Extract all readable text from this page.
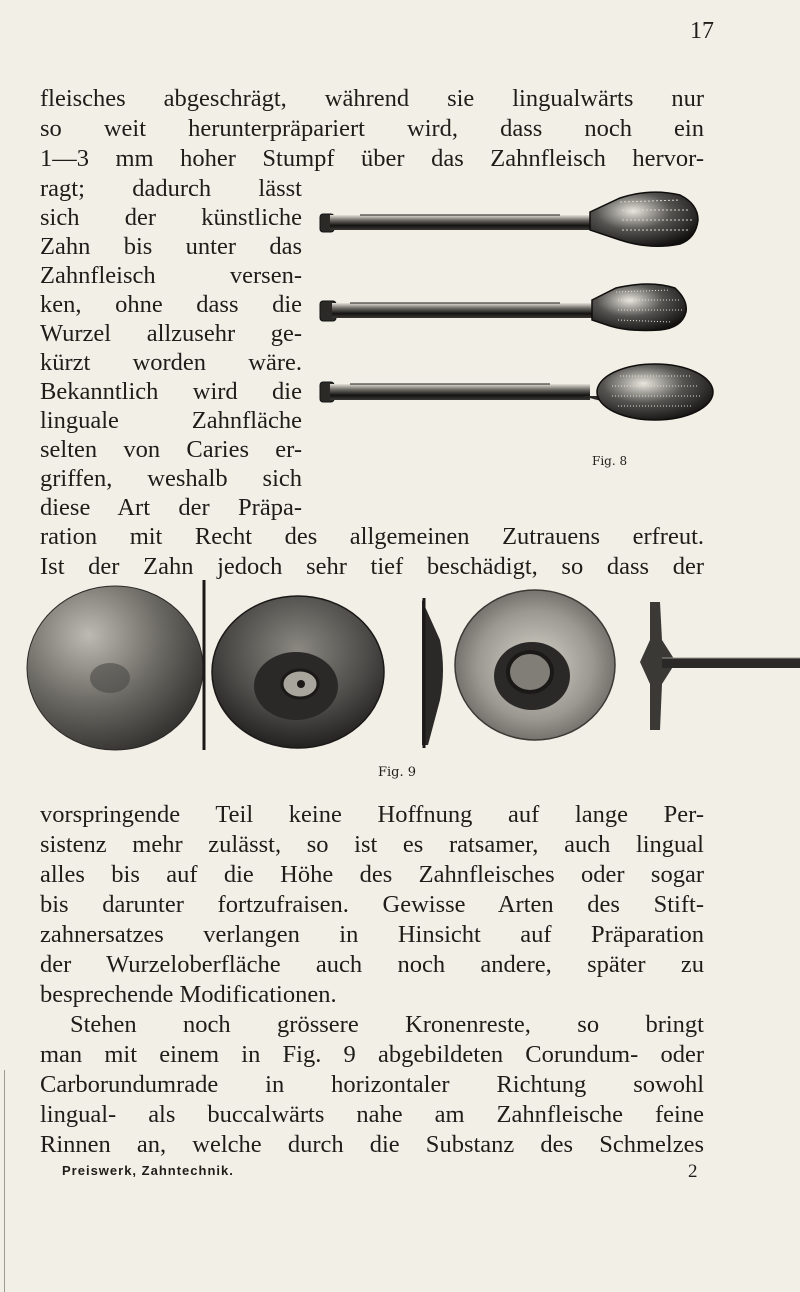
17
fleisches abgeschrägt, während sie lingualwärts nur
so weit herunterpräpariert wird, dass noch ein
1—3 mm hoher Stumpf über das Zahnfleisch hervor-
ragt; dadurch lässt
sich der künstliche
Zahn bis unter das
Zahnfleisch versen-
ken, ohne dass die
Wurzel allzusehr ge-
kürzt worden wäre.
Bekanntlich wird die
linguale Zahnfläche
selten von Caries er-
griffen, weshalb sich
diese Art der Präpa-
ration mit Recht des allgemeinen Zutrauens erfreut.
Ist der Zahn jedoch sehr tief beschädigt, so dass der
Fig. 8
Fig. 9
vorspringende Teil keine Hoffnung auf lange Per-
sistenz mehr zulässt, so ist es ratsamer, auch lingual
alles bis auf die Höhe des Zahnfleisches oder sogar
bis darunter fortzufraisen. Gewisse Arten des Stift-
zahnersatzes verlangen in Hinsicht auf Präparation
der Wurzeloberfläche auch noch andere, später zu
besprechende Modificationen.
Stehen noch grössere Kronenreste, so bringt
man mit einem in Fig. 9 abgebildeten Corundum- oder
Carborundumrade in horizontaler Richtung sowohl
lingual- als buccalwärts nahe am Zahnfleische feine
Rinnen an, welche durch die Substanz des Schmelzes
Preiswerk, Zahntechnik.	2
